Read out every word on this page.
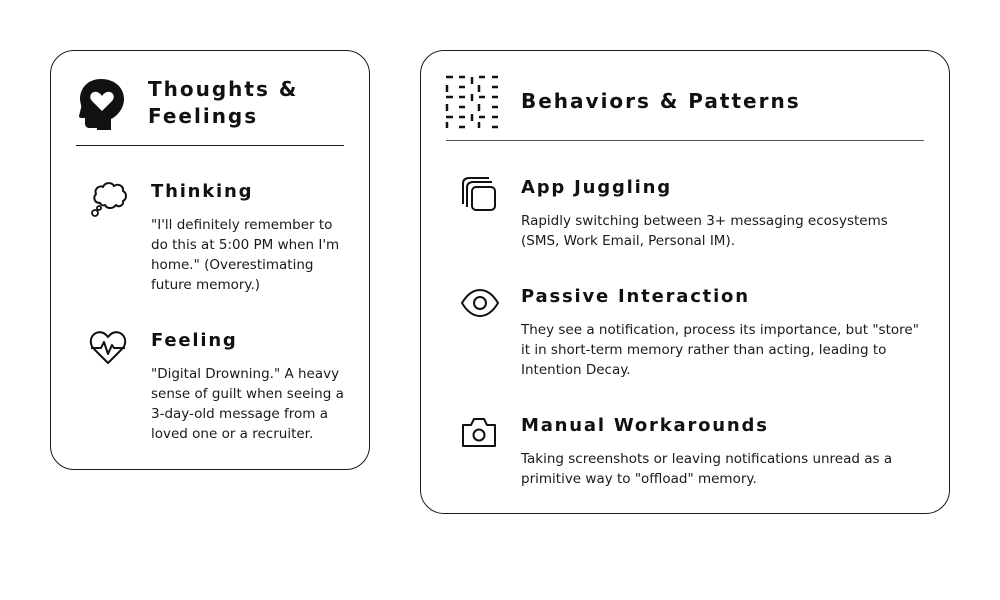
Thoughts & Feelings
Thinking
"I'll definitely remember to do this at 5:00 PM when I'm home." (Overestimating future memory.)
Feeling
"Digital Drowning." A heavy sense of guilt when seeing a 3-day-old message from a loved one or a recruiter.
Behaviors & Patterns
App Juggling
Rapidly switching between 3+ messaging ecosystems (SMS, Work Email, Personal IM).
Passive Interaction
They see a notification, process its importance, but "store" it in short-term memory rather than acting, leading to Intention Decay.
Manual Workarounds
Taking screenshots or leaving notifications unread as a primitive way to "offload" memory.
